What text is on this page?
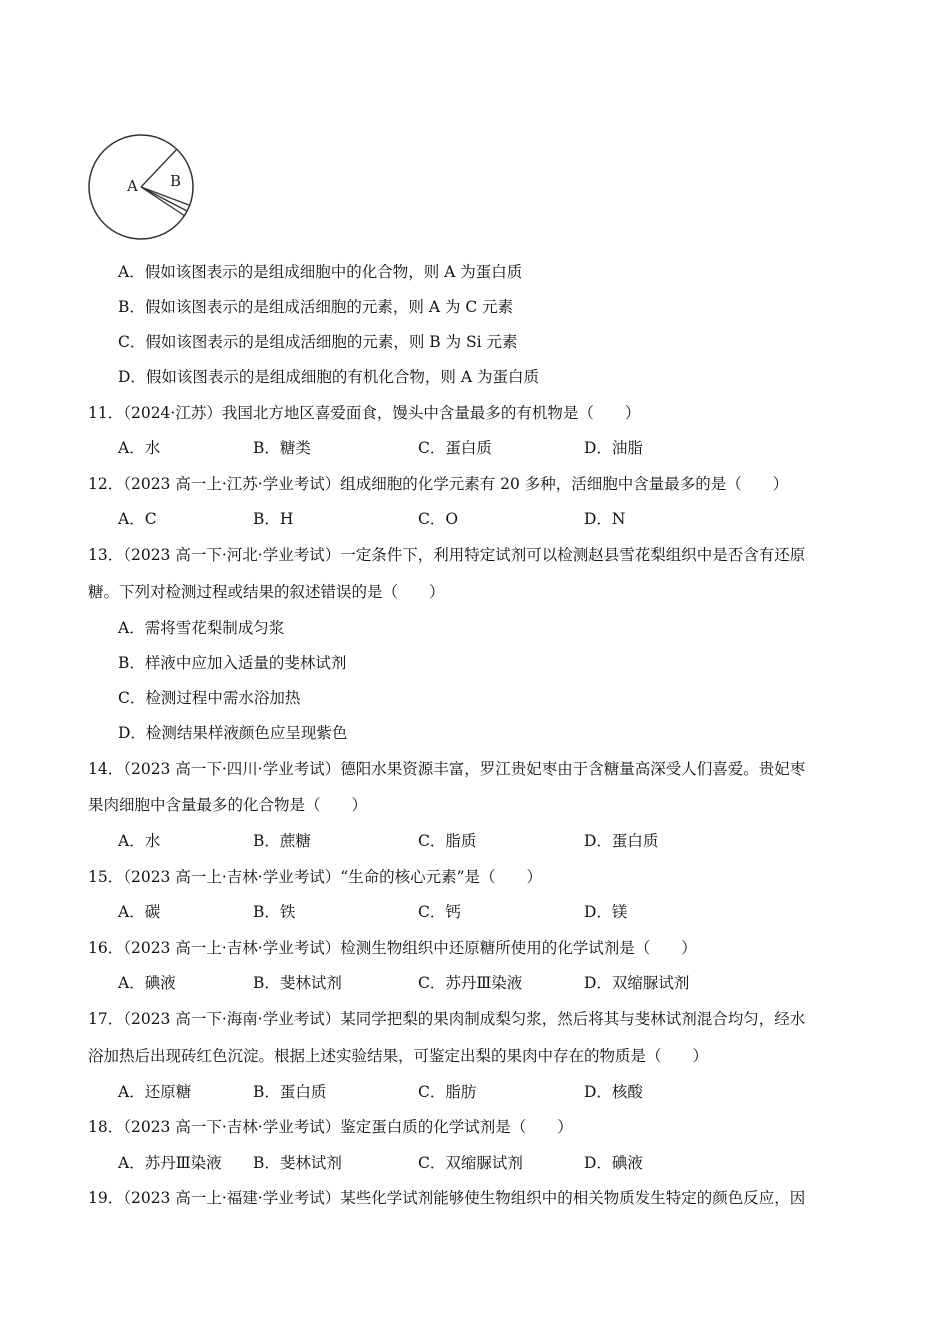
A B
A．假如该图表示的是组成细胞中的化合物，则 A 为蛋白质
B．假如该图表示的是组成活细胞的元素，则 A 为 C 元素
C．假如该图表示的是组成活细胞的元素，则 B 为 Si 元素
D．假如该图表示的是组成细胞的有机化合物，则 A 为蛋白质
11．（2024·江苏）我国北方地区喜爱面食，馒头中含量最多的有机物是（　　）
A．水	B．糖类	C．蛋白质	D．油脂
12．（2023 高一上·江苏·学业考试）组成细胞的化学元素有 20 多种，活细胞中含量最多的是（　　）
A．C	B．H	C．O	D．N
13．（2023 高一下·河北·学业考试）一定条件下，利用特定试剂可以检测赵县雪花梨组织中是否含有还原
糖。下列对检测过程或结果的叙述错误的是（　　）
A．需将雪花梨制成匀浆
B．样液中应加入适量的斐林试剂
C．检测过程中需水浴加热
D．检测结果样液颜色应呈现紫色
14．（2023 高一下·四川·学业考试）德阳水果资源丰富，罗江贵妃枣由于含糖量高深受人们喜爱。贵妃枣
果肉细胞中含量最多的化合物是（　　）
A．水	B．蔗糖	C．脂质	D．蛋白质
15．（2023 高一上·吉林·学业考试）“生命的核心元素”是（　　）
A．碳	B．铁	C．钙	D．镁
16．（2023 高一上·吉林·学业考试）检测生物组织中还原糖所使用的化学试剂是（　　）
A．碘液	B．斐林试剂	C．苏丹Ⅲ染液	D．双缩脲试剂
17．（2023 高一下·海南·学业考试）某同学把梨的果肉制成梨匀浆，然后将其与斐林试剂混合均匀，经水
浴加热后出现砖红色沉淀。根据上述实验结果，可鉴定出梨的果肉中存在的物质是（　　）
A．还原糖	B．蛋白质	C．脂肪	D．核酸
18．（2023 高一下·吉林·学业考试）鉴定蛋白质的化学试剂是（　　）
A．苏丹Ⅲ染液 B．斐林试剂	C．双缩脲试剂	D．碘液
19．（2023 高一上·福建·学业考试）某些化学试剂能够使生物组织中的相关物质发生特定的颜色反应，因
